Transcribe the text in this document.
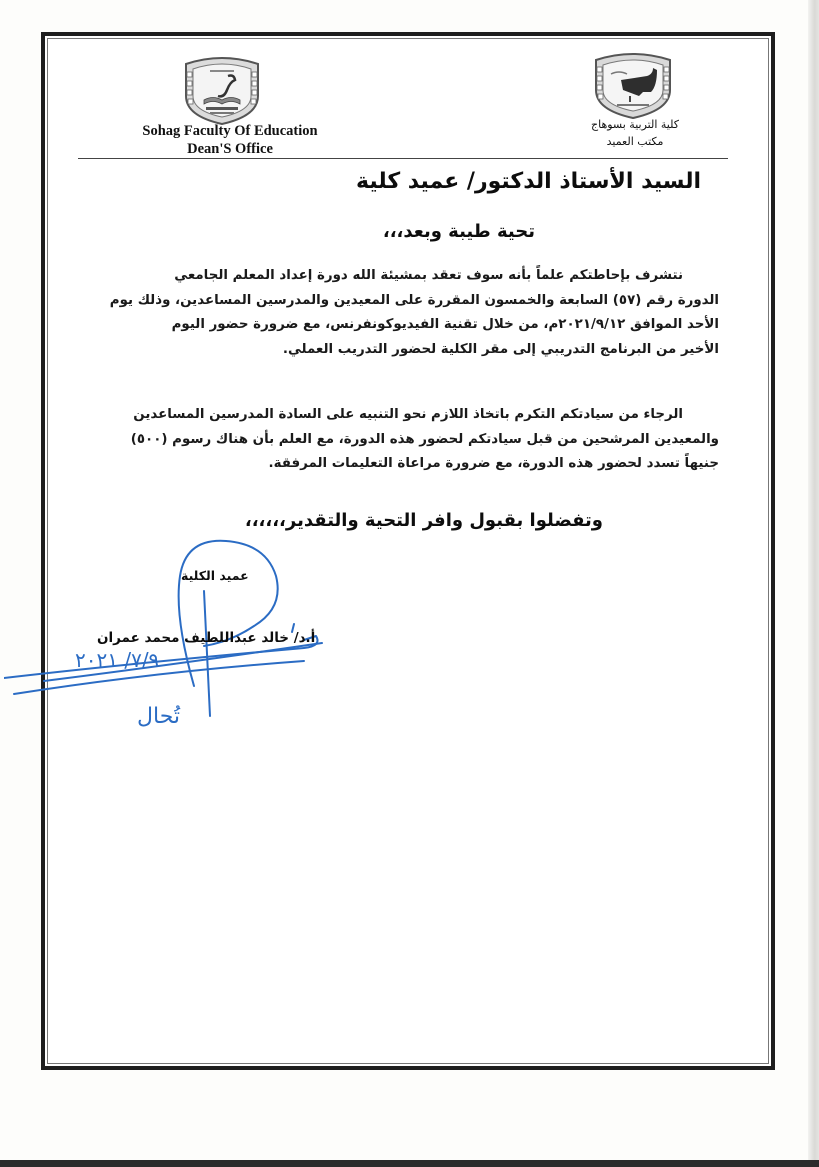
Sohag Faculty Of Education
Dean'S Office
كلية التربية بسوهاج
مكتب العميد
السيد الأستاذ الدكتور/ عميد كلية
تحية طيبة وبعد،،،
نتشرف بإحاطتكم علماً بأنه سوف تعقد بمشيئة الله دورة إعداد المعلم الجامعي
الدورة رقم (٥٧) السابعة والخمسون المقررة على المعيدين والمدرسين المساعدين، وذلك يوم
الأحد الموافق ٢٠٢١/٩/١٢م، من خلال تقنية الفيديوكونفرنس، مع ضرورة حضور اليوم
الأخير من البرنامج التدريبي إلى مقر الكلية لحضور التدريب العملي.
الرجاء من سيادتكم التكرم باتخاذ اللازم نحو التنبيه على السادة المدرسين المساعدين
والمعيدين المرشحين من قبل سيادتكم لحضور هذه الدورة، مع العلم بأن هناك رسوم (٥٠٠)
جنيهاً تسدد لحضور هذه الدورة، مع ضرورة مراعاة التعليمات المرفقة.
وتفضلوا بقبول وافر التحية والتقدير،،،،،،
عميد الكلية
أ.د/ خالد عبداللطيف محمد عمران
٧/٩/ ٢٠٢١
تُحال
